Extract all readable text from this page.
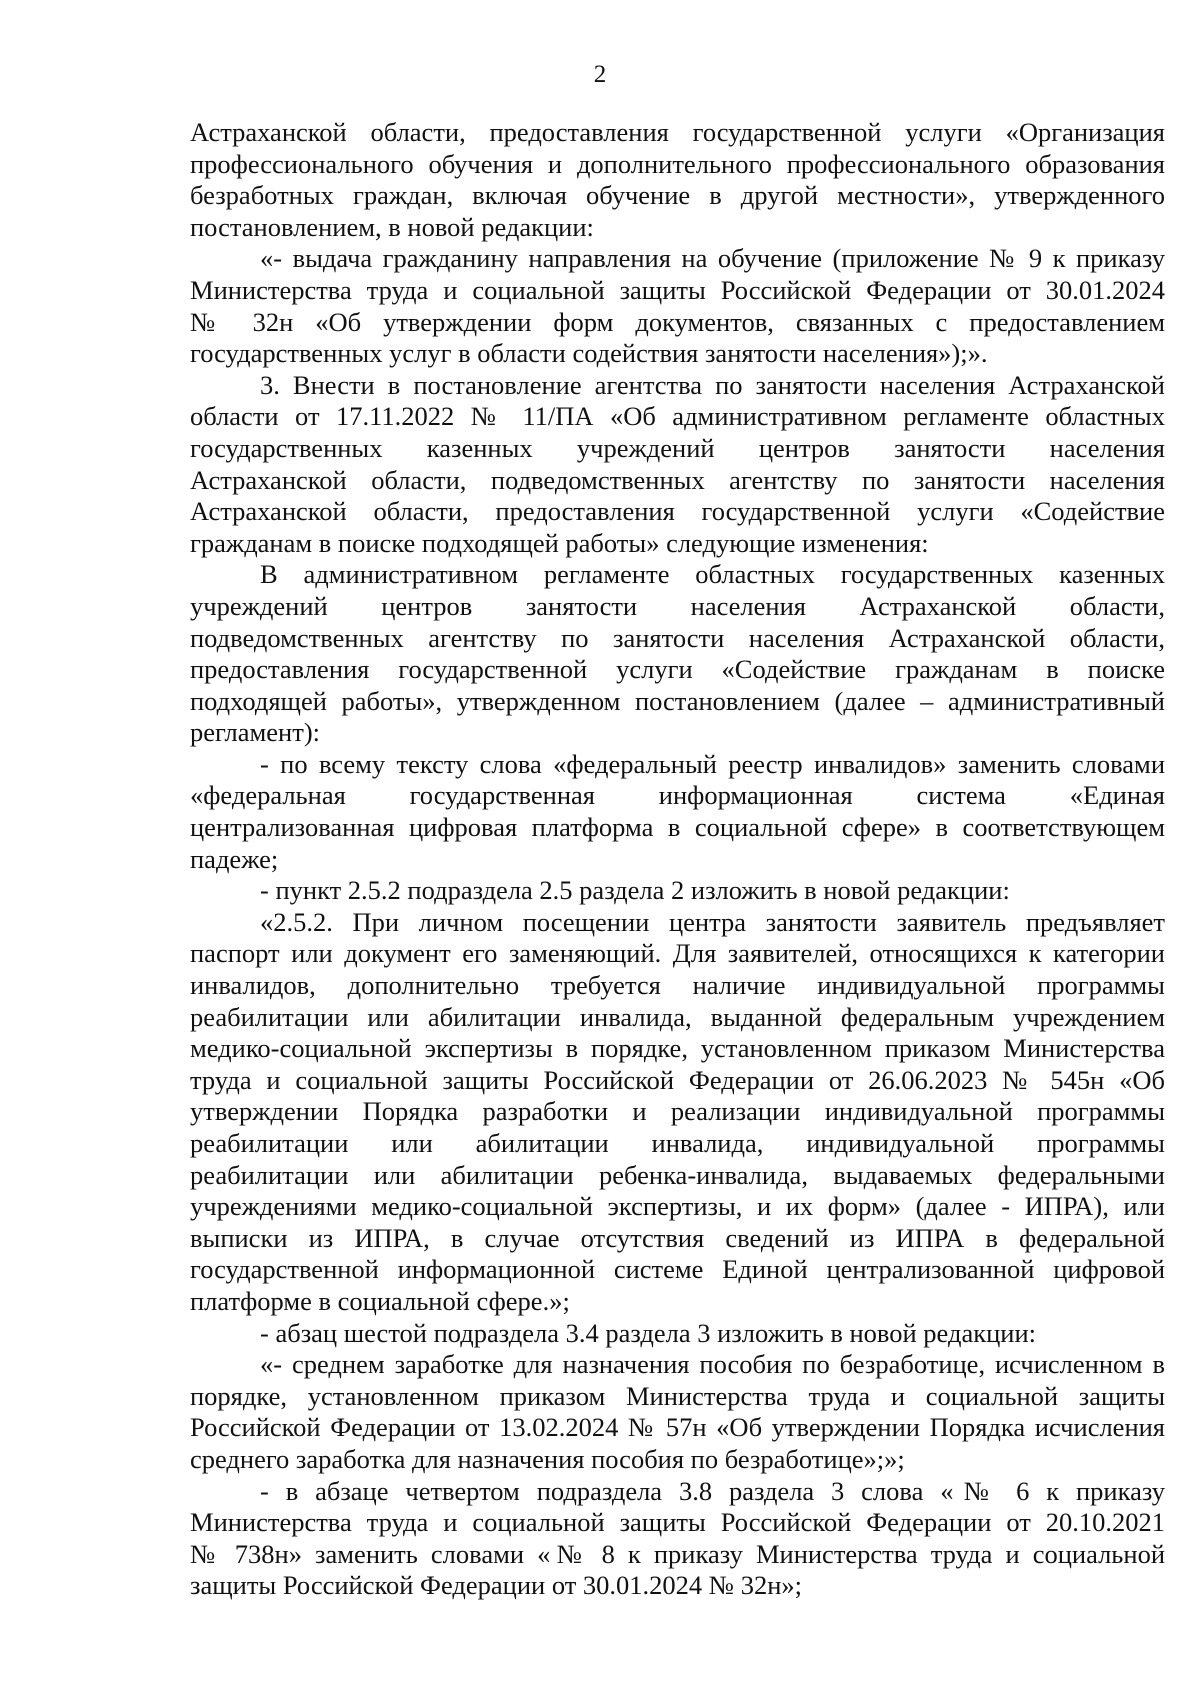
2
Астраханской области, предоставления государственной услуги «Организация
профессионального обучения и дополнительного профессионального образования
безработных граждан, включая обучение в другой местности», утвержденного
постановлением, в новой редакции:
«- выдача гражданину направления на обучение (приложение № 9 к приказу
Министерства труда и социальной защиты Российской Федерации от 30.01.2024
№ 32н «Об утверждении форм документов, связанных с предоставлением
государственных услуг в области содействия занятости населения»);».
3. Внести в постановление агентства по занятости населения Астраханской
области от 17.11.2022 № 11/ПА «Об административном регламенте областных
государственных казенных учреждений центров занятости населения
Астраханской области, подведомственных агентству по занятости населения
Астраханской области, предоставления государственной услуги «Содействие
гражданам в поиске подходящей работы» следующие изменения:
В административном регламенте областных государственных казенных
учреждений центров занятости населения Астраханской области,
подведомственных агентству по занятости населения Астраханской области,
предоставления государственной услуги «Содействие гражданам в поиске
подходящей работы», утвержденном постановлением (далее – административный
регламент):
- по всему тексту слова «федеральный реестр инвалидов» заменить словами
«федеральная государственная информационная система «Единая
централизованная цифровая платформа в социальной сфере» в соответствующем
падеже;
- пункт 2.5.2 подраздела 2.5 раздела 2 изложить в новой редакции:
«2.5.2. При личном посещении центра занятости заявитель предъявляет
паспорт или документ его заменяющий. Для заявителей, относящихся к категории
инвалидов, дополнительно требуется наличие индивидуальной программы
реабилитации или абилитации инвалида, выданной федеральным учреждением
медико-социальной экспертизы в порядке, установленном приказом Министерства
труда и социальной защиты Российской Федерации от 26.06.2023 № 545н «Об
утверждении Порядка разработки и реализации индивидуальной программы
реабилитации или абилитации инвалида, индивидуальной программы
реабилитации или абилитации ребенка-инвалида, выдаваемых федеральными
учреждениями медико-социальной экспертизы, и их форм» (далее - ИПРА), или
выписки из ИПРА, в случае отсутствия сведений из ИПРА в федеральной
государственной информационной системе Единой централизованной цифровой
платформе в социальной сфере.»;
- абзац шестой подраздела 3.4 раздела 3 изложить в новой редакции:
«- среднем заработке для назначения пособия по безработице, исчисленном в
порядке, установленном приказом Министерства труда и социальной защиты
Российской Федерации от 13.02.2024 № 57н «Об утверждении Порядка исчисления
среднего заработка для назначения пособия по безработице»;»;
- в абзаце четвертом подраздела 3.8 раздела 3 слова «№ 6 к приказу
Министерства труда и социальной защиты Российской Федерации от 20.10.2021
№ 738н» заменить словами «№ 8 к приказу Министерства труда и социальной
защиты Российской Федерации от 30.01.2024 № 32н»;
